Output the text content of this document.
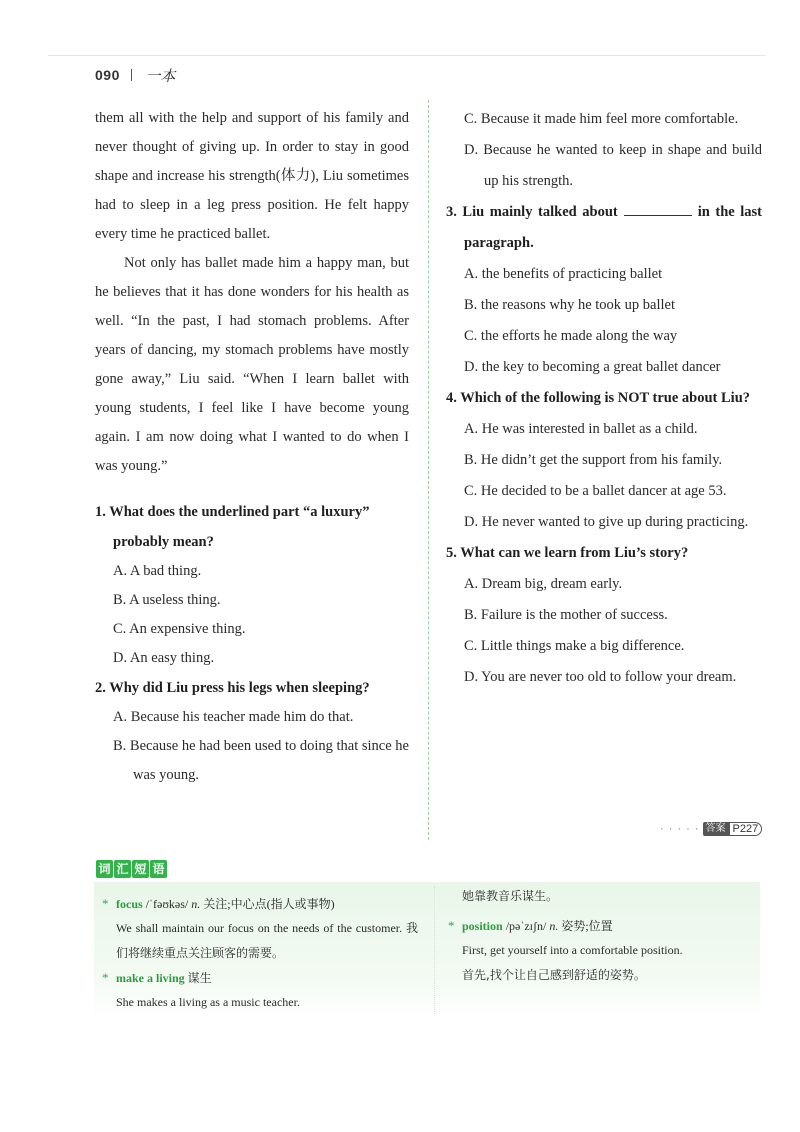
090 一本

them all with the help and support of his family and never thought of giving up. In order to stay in good shape and increase his strength(体力), Liu sometimes had to sleep in a leg press position. He felt happy every time he practiced ballet.

Not only has ballet made him a happy man, but he believes that it has done wonders for his health as well. “In the past, I had stomach problems. After years of dancing, my stomach problems have mostly gone away,” Liu said. “When I learn ballet with young students, I feel like I have become young again. I am now doing what I wanted to do when I was young.”

1. What does the underlined part “a luxury” probably mean?

A. A bad thing.

B. A useless thing.

C. An expensive thing.

D. An easy thing.

2. Why did Liu press his legs when sleeping?

A. Because his teacher made him do that.

B. Because he had been used to doing that since he was young.

C. Because it made him feel more comfortable.

D. Because he wanted to keep in shape and build up his strength.

3. Liu mainly talked about	in the last paragraph.

A. the benefits of practicing ballet

B. the reasons why he took up ballet

C. the efforts he made along the way

D. the key to becoming a great ballet dancer

4. Which of the following is NOT true about Liu?

A. He was interested in ballet as a child.

B. He didn’t get the support from his family.

C. He decided to be a ballet dancer at age 53.

D. He never wanted to give up during practicing.

5. What can we learn from Liu’s story?

A. Dream big, dream early.

B. Failure is the mother of success.

C. Little things make a big difference.

D. You are never too old to follow your dream.

· · · · · 答案 P227
词 汇 短 语

* focus /ˈfəʊkəs/ n. 关注;中心点(指人或事物)

We shall maintain our focus on the needs of the customer. 我们将继续重点关注顾客的需要。

* make a living 谋生

She makes a living as a music teacher.

她靠教音乐谋生。

* position /pəˈzɪʃn/ n. 姿势;位置

First, get yourself into a comfortable position.

首先,找个让自己感到舒适的姿势。
